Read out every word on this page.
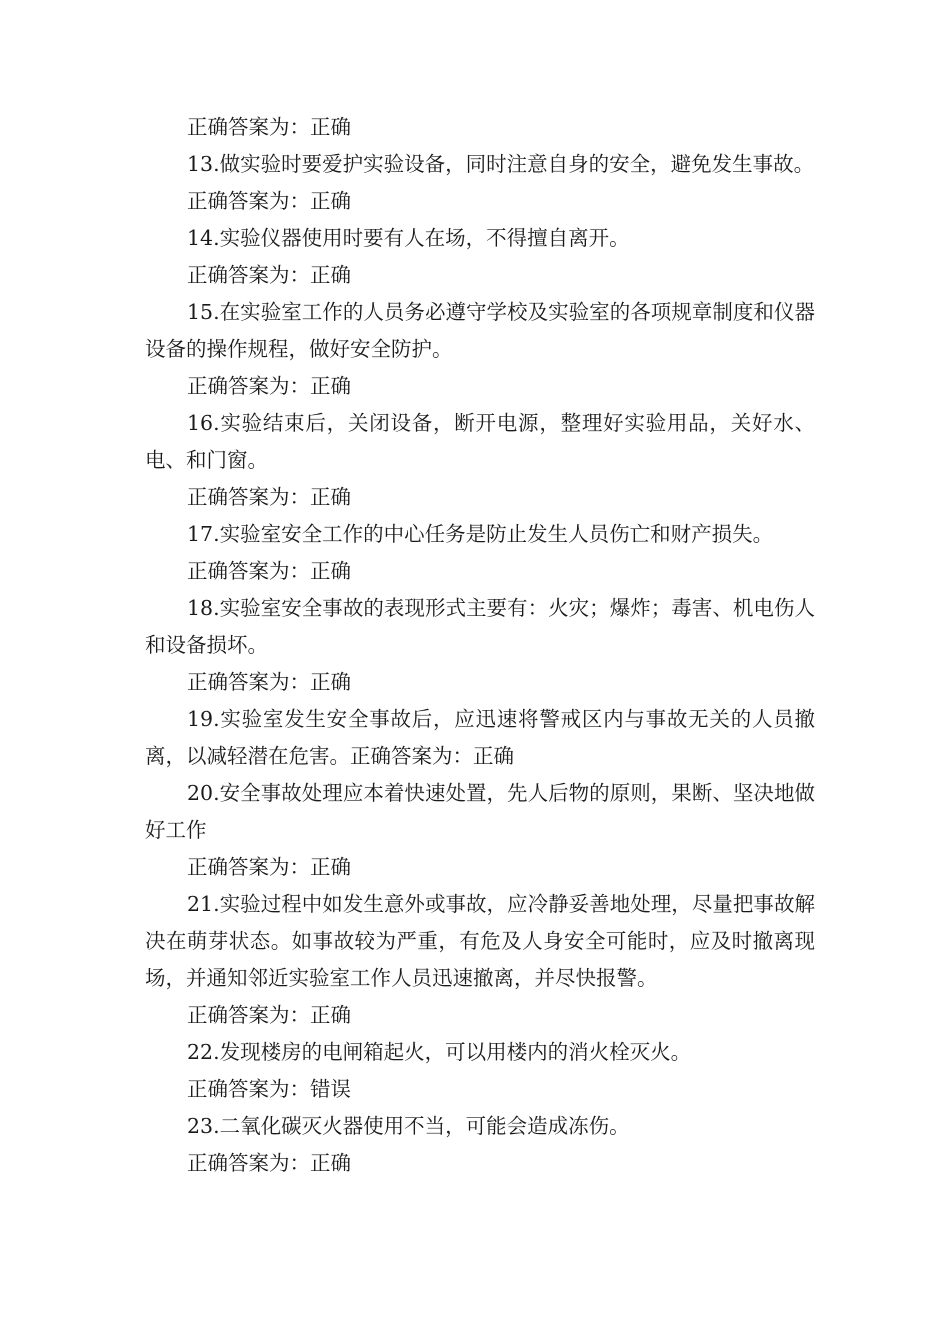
正确答案为：正确

13.做实验时要爱护实验设备，同时注意自身的安全，避免发生事故。

正确答案为：正确

14.实验仪器使用时要有人在场，不得擅自离开。

正确答案为：正确

15.在实验室工作的人员务必遵守学校及实验室的各项规章制度和仪器设备的操作规程，做好安全防护。

正确答案为：正确

16.实验结束后，关闭设备，断开电源，整理好实验用品，关好水、电、和门窗。

正确答案为：正确

17.实验室安全工作的中心任务是防止发生人员伤亡和财产损失。

正确答案为：正确

18.实验室安全事故的表现形式主要有：火灾；爆炸；毒害、机电伤人和设备损坏。

正确答案为：正确

19.实验室发生安全事故后，应迅速将警戒区内与事故无关的人员撤离，以减轻潜在危害。正确答案为：正确

20.安全事故处理应本着快速处置，先人后物的原则，果断、坚决地做好工作

正确答案为：正确

21.实验过程中如发生意外或事故，应冷静妥善地处理，尽量把事故解决在萌芽状态。如事故较为严重，有危及人身安全可能时，应及时撤离现场，并通知邻近实验室工作人员迅速撤离，并尽快报警。

正确答案为：正确

22.发现楼房的电闸箱起火，可以用楼内的消火栓灭火。

正确答案为：错误

23.二氧化碳灭火器使用不当，可能会造成冻伤。

正确答案为：正确
